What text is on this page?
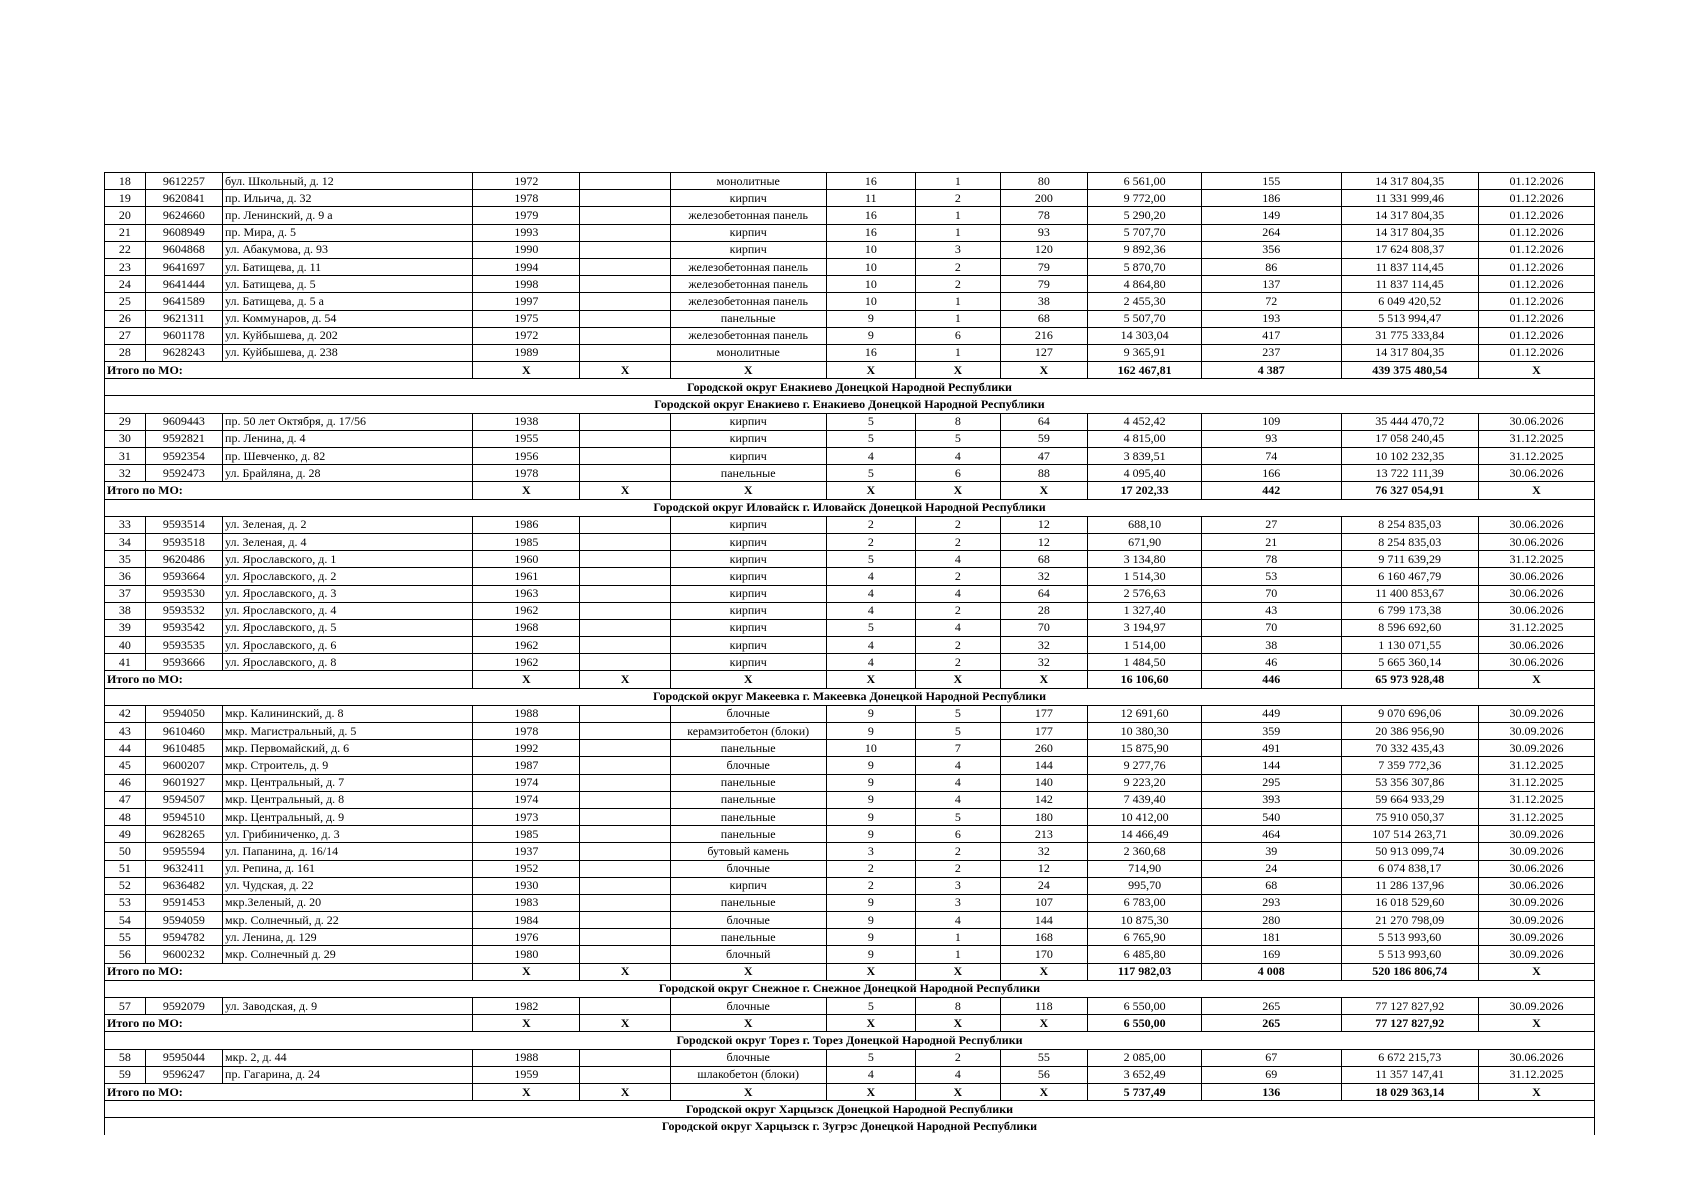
18	9612257	бул. Школьный, д. 12	1972		монолитные	16	1	80	6 561,00	155	14 317 804,35	01.12.2026
19	9620841	пр. Ильича, д. 32	1978		кирпич	11	2	200	9 772,00	186	11 331 999,46	01.12.2026
20	9624660	пр. Ленинский, д. 9 а	1979		железобетонная панель	16	1	78	5 290,20	149	14 317 804,35	01.12.2026
21	9608949	пр. Мира, д. 5	1993		кирпич	16	1	93	5 707,70	264	14 317 804,35	01.12.2026
22	9604868	ул. Абакумова, д. 93	1990		кирпич	10	3	120	9 892,36	356	17 624 808,37	01.12.2026
23	9641697	ул. Батищева, д. 11	1994		железобетонная панель	10	2	79	5 870,70	86	11 837 114,45	01.12.2026
24	9641444	ул. Батищева, д. 5	1998		железобетонная панель	10	2	79	4 864,80	137	11 837 114,45	01.12.2026
25	9641589	ул. Батищева, д. 5 а	1997		железобетонная панель	10	1	38	2 455,30	72	6 049 420,52	01.12.2026
26	9621311	ул. Коммунаров, д. 54	1975		панельные	9	1	68	5 507,70	193	5 513 994,47	01.12.2026
27	9601178	ул. Куйбышева, д. 202	1972		железобетонная панель	9	6	216	14 303,04	417	31 775 333,84	01.12.2026
28	9628243	ул. Куйбышева, д. 238	1989		монолитные	16	1	127	9 365,91	237	14 317 804,35	01.12.2026
Итого по МО:			X	X	X	X	X	X	162 467,81	4 387	439 375 480,54	X
Городской округ Енакиево Донецкой Народной Республики												
Городской округ Енакиево г. Енакиево Донецкой Народной Республики												
29	9609443	пр. 50 лет Октября, д. 17/56	1938		кирпич	5	8	64	4 452,42	109	35 444 470,72	30.06.2026
30	9592821	пр. Ленина, д. 4	1955		кирпич	5	5	59	4 815,00	93	17 058 240,45	31.12.2025
31	9592354	пр. Шевченко, д. 82	1956		кирпич	4	4	47	3 839,51	74	10 102 232,35	31.12.2025
32	9592473	ул. Брайляна, д. 28	1978		панельные	5	6	88	4 095,40	166	13 722 111,39	30.06.2026
Итого по МО:			X	X	X	X	X	X	17 202,33	442	76 327 054,91	X
Городской округ Иловайск г. Иловайск Донецкой Народной Республики												
33	9593514	ул. Зеленая, д. 2	1986		кирпич	2	2	12	688,10	27	8 254 835,03	30.06.2026
34	9593518	ул. Зеленая, д. 4	1985		кирпич	2	2	12	671,90	21	8 254 835,03	30.06.2026
35	9620486	ул. Ярославского, д. 1	1960		кирпич	5	4	68	3 134,80	78	9 711 639,29	31.12.2025
36	9593664	ул. Ярославского, д. 2	1961		кирпич	4	2	32	1 514,30	53	6 160 467,79	30.06.2026
37	9593530	ул. Ярославского, д. 3	1963		кирпич	4	4	64	2 576,63	70	11 400 853,67	30.06.2026
38	9593532	ул. Ярославского, д. 4	1962		кирпич	4	2	28	1 327,40	43	6 799 173,38	30.06.2026
39	9593542	ул. Ярославского, д. 5	1968		кирпич	5	4	70	3 194,97	70	8 596 692,60	31.12.2025
40	9593535	ул. Ярославского, д. 6	1962		кирпич	4	2	32	1 514,00	38	1 130 071,55	30.06.2026
41	9593666	ул. Ярославского, д. 8	1962		кирпич	4	2	32	1 484,50	46	5 665 360,14	30.06.2026
Итого по МО:			X	X	X	X	X	X	16 106,60	446	65 973 928,48	X
Городской округ Макеевка г. Макеевка Донецкой Народной Республики												
42	9594050	мкр. Калининский, д. 8	1988		блочные	9	5	177	12 691,60	449	9 070 696,06	30.09.2026
43	9610460	мкр. Магистральный, д. 5	1978		керамзитобетон (блоки)	9	5	177	10 380,30	359	20 386 956,90	30.09.2026
44	9610485	мкр. Первомайский, д. 6	1992		панельные	10	7	260	15 875,90	491	70 332 435,43	30.09.2026
45	9600207	мкр. Строитель, д. 9	1987		блочные	9	4	144	9 277,76	144	7 359 772,36	31.12.2025
46	9601927	мкр. Центральный, д. 7	1974		панельные	9	4	140	9 223,20	295	53 356 307,86	31.12.2025
47	9594507	мкр. Центральный, д. 8	1974		панельные	9	4	142	7 439,40	393	59 664 933,29	31.12.2025
48	9594510	мкр. Центральный, д. 9	1973		панельные	9	5	180	10 412,00	540	75 910 050,37	31.12.2025
49	9628265	ул. Грибиниченко, д. 3	1985		панельные	9	6	213	14 466,49	464	107 514 263,71	30.09.2026
50	9595594	ул. Папанина, д. 16/14	1937		бутовый камень	3	2	32	2 360,68	39	50 913 099,74	30.09.2026
51	9632411	ул. Репина, д. 161	1952		блочные	2	2	12	714,90	24	6 074 838,17	30.06.2026
52	9636482	ул. Чудская, д. 22	1930		кирпич	2	3	24	995,70	68	11 286 137,96	30.06.2026
53	9591453	мкр.Зеленый, д. 20	1983		панельные	9	3	107	6 783,00	293	16 018 529,60	30.09.2026
54	9594059	мкр. Солнечный, д. 22	1984		блочные	9	4	144	10 875,30	280	21 270 798,09	30.09.2026
55	9594782	ул. Ленина, д. 129	1976		панельные	9	1	168	6 765,90	181	5 513 993,60	30.09.2026
56	9600232	мкр. Солнечный д. 29	1980		блочный	9	1	170	6 485,80	169	5 513 993,60	30.09.2026
Итого по МО:			X	X	X	X	X	X	117 982,03	4 008	520 186 806,74	X
Городской округ Снежное г. Снежное Донецкой Народной Республики												
57	9592079	ул. Заводская, д. 9	1982		блочные	5	8	118	6 550,00	265	77 127 827,92	30.09.2026
Итого по МО:			X	X	X	X	X	X	6 550,00	265	77 127 827,92	X
Городской округ Торез г. Торез Донецкой Народной Республики												
58	9595044	мкр. 2, д. 44	1988		блочные	5	2	55	2 085,00	67	6 672 215,73	30.06.2026
59	9596247	пр. Гагарина, д. 24	1959		шлакобетон (блоки)	4	4	56	3 652,49	69	11 357 147,41	31.12.2025
Итого по МО:			X	X	X	X	X	X	5 737,49	136	18 029 363,14	X
Городской округ Харцызск Донецкой Народной Республики												
Городской округ Харцызск г. Зугрэс Донецкой Народной Республики												
